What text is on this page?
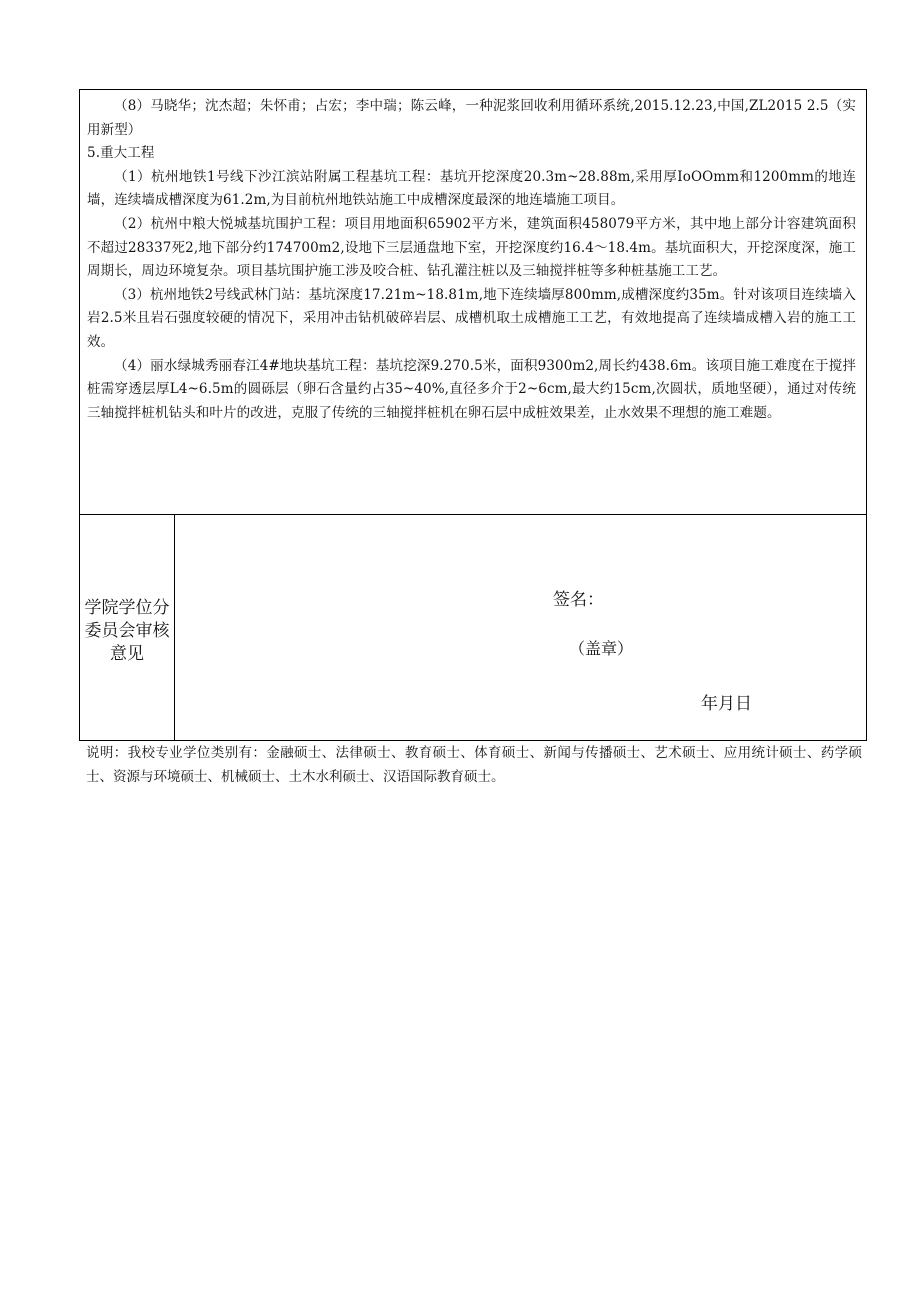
（8）马晓华；沈杰超；朱怀甫；占宏；李中瑞；陈云峰，一种泥浆回收利用循环系统,2015.12.23,中国,ZL2015 2.5（实用新型）

5.重大工程

（1）杭州地铁1号线下沙江滨站附属工程基坑工程：基坑开挖深度20.3m~28.88m,采用厚IoOOmm和1200mm的地连墙，连续墙成槽深度为61.2m,为目前杭州地铁站施工中成槽深度最深的地连墙施工项目。

（2）杭州中粮大悦城基坑围护工程：项目用地面积65902平方米，建筑面积458079平方米，其中地上部分计容建筑面积不超过28337死2,地下部分约174700m2,设地下三层通盘地下室，开挖深度约16.4～18.4m。基坑面积大，开挖深度深，施工周期长，周边环境复杂。项目基坑围护施工涉及咬合桩、钻孔灌注桩以及三轴搅拌桩等多种桩基施工工艺。

（3）杭州地铁2号线武林门站：基坑深度17.21m~18.81m,地下连续墙厚800mm,成槽深度约35m。针对该项目连续墙入岩2.5米且岩石强度较硬的情况下，采用冲击钻机破碎岩层、成槽机取土成槽施工工艺，有效地提高了连续墙成槽入岩的施工工效。

（4）丽水绿城秀丽春江4#地块基坑工程：基坑挖深9.270.5米，面积9300m2,周长约438.6m。该项目施工难度在于搅拌桩需穿透层厚L4~6.5m的圆砾层（卵石含量约占35~40%,直径多介于2~6cm,最大约15cm,次圆状，质地坚硬），通过对传统三轴搅拌桩机钻头和叶片的改进，克服了传统的三轴搅拌桩机在卵石层中成桩效果差，止水效果不理想的施工难题。

学院学位分委员会审核意见
签名：
（盖章）
年月日

说明：我校专业学位类别有：金融硕士、法律硕士、教育硕士、体育硕士、新闻与传播硕士、艺术硕士、应用统计硕士、药学硕士、资源与环境硕士、机械硕士、土木水利硕士、汉语国际教育硕士。
